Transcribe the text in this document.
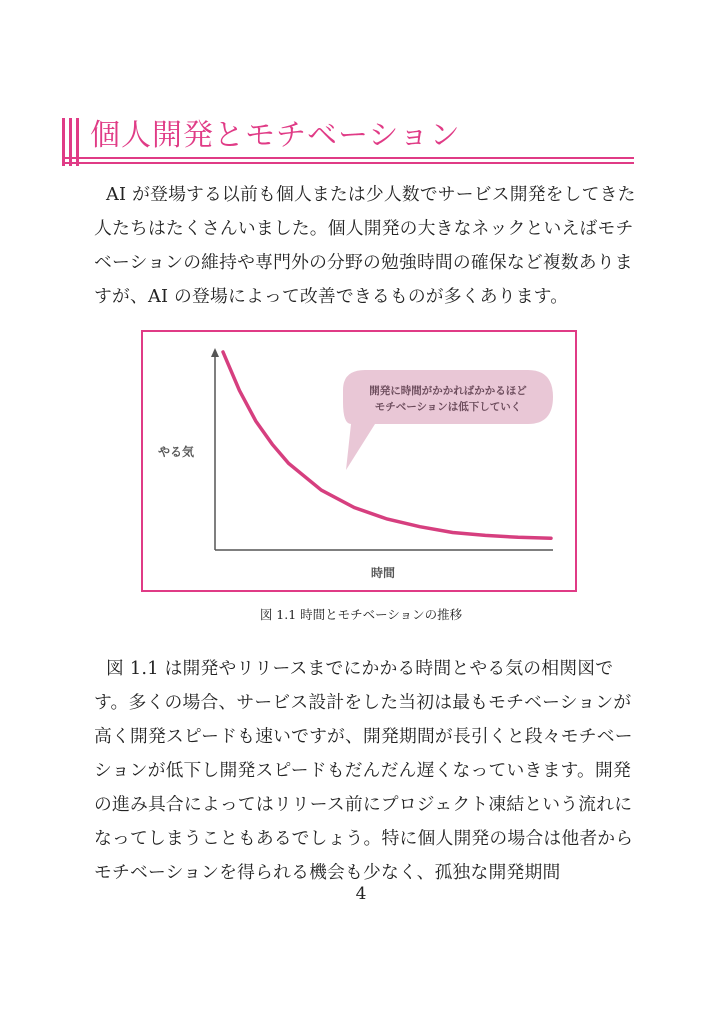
個人開発とモチベーション

AI が登場する以前も個人または少人数でサービス開発をしてきた人たちはたくさんいました。個人開発の大きなネックといえばモチベーションの維持や専門外の分野の勉強時間の確保など複数ありますが、AI の登場によって改善できるものが多くあります。

やる気
時間
開発に時間がかかればかかるほど
モチベーションは低下していく
図 1.1 時間とモチベーションの推移

図 1.1 は開発やリリースまでにかかる時間とやる気の相関図です。多くの場合、サービス設計をした当初は最もモチベーションが高く開発スピードも速いですが、開発期間が長引くと段々モチベーションが低下し開発スピードもだんだん遅くなっていきます。開発の進み具合によってはリリース前にプロジェクト凍結という流れになってしまうこともあるでしょう。特に個人開発の場合は他者からモチベーションを得られる機会も少なく、孤独な開発期間

4
